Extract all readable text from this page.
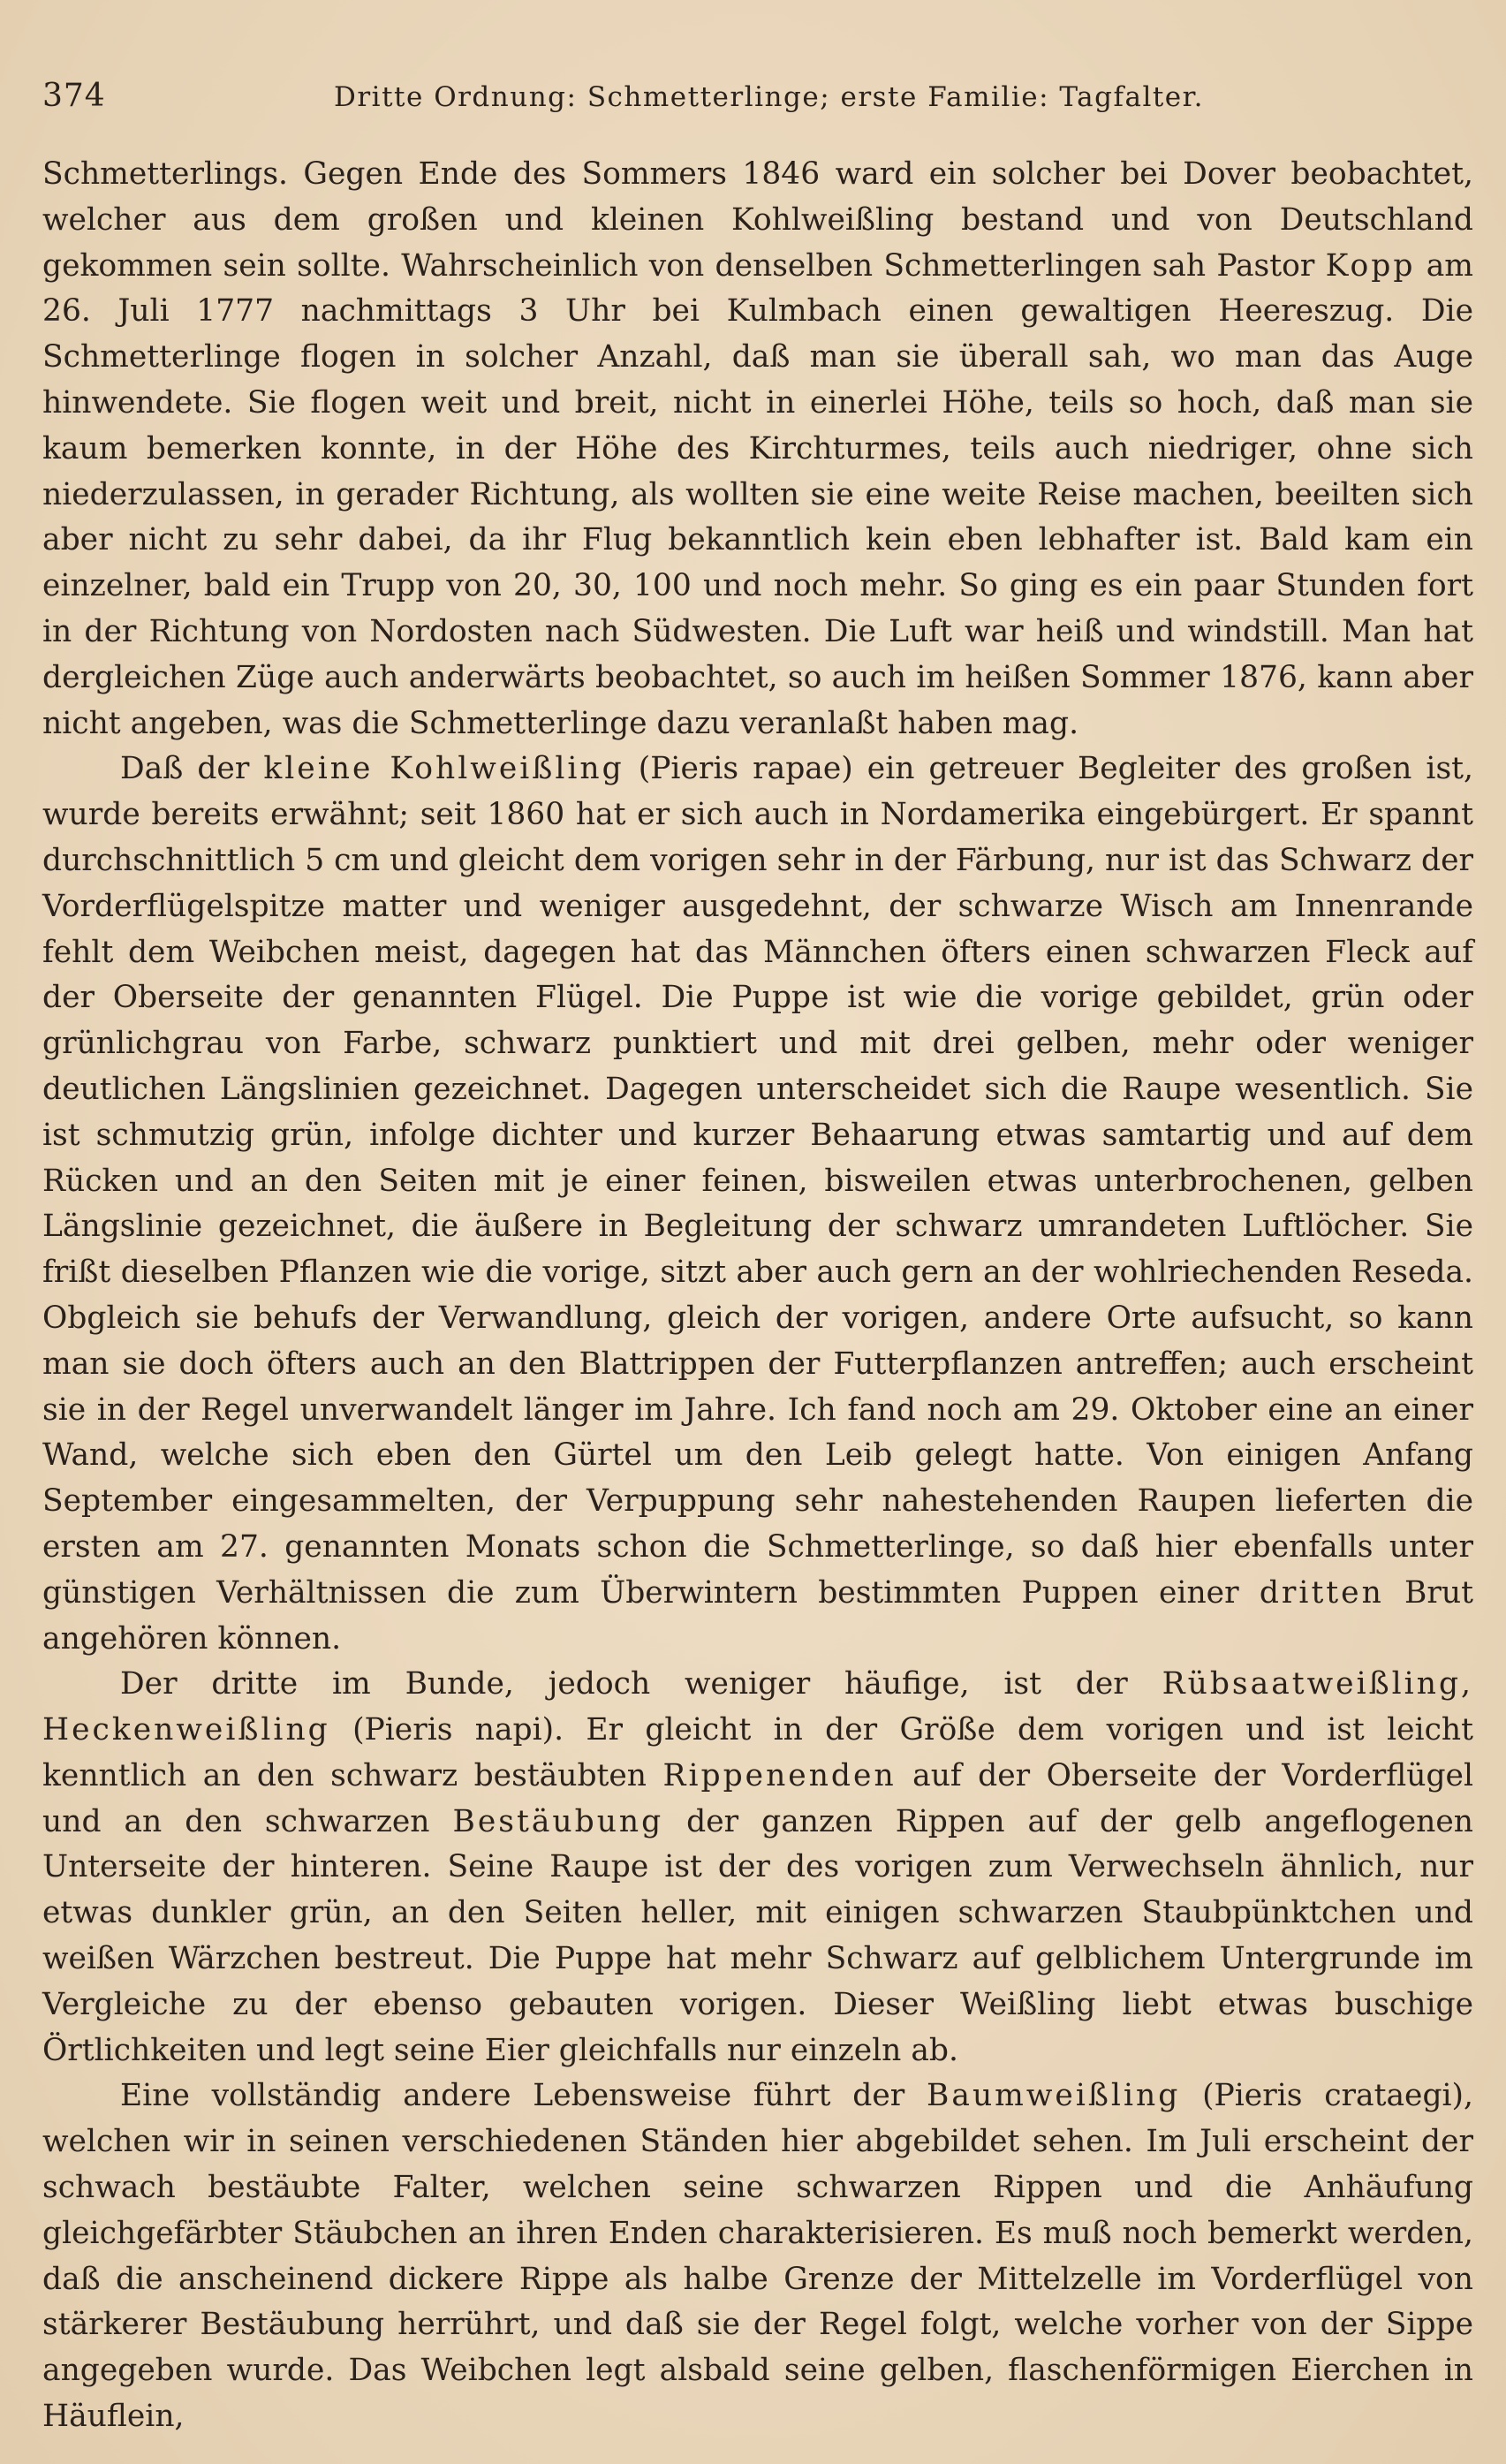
374	Dritte Ordnung: Schmetterlinge; erste Familie: Tagfalter.

Schmetterlings. Gegen Ende des Sommers 1846 ward ein solcher bei Dover beobachtet, welcher aus dem großen und kleinen Kohlweißling bestand und von Deutschland gekommen sein sollte. Wahrscheinlich von denselben Schmetterlingen sah Pastor Kopp am 26. Juli 1777 nachmittags 3 Uhr bei Kulmbach einen gewaltigen Heereszug. Die Schmetterlinge flogen in solcher Anzahl, daß man sie überall sah, wo man das Auge hinwendete. Sie flogen weit und breit, nicht in einerlei Höhe, teils so hoch, daß man sie kaum bemerken konnte, in der Höhe des Kirchturmes, teils auch niedriger, ohne sich niederzulassen, in gerader Richtung, als wollten sie eine weite Reise machen, beeilten sich aber nicht zu sehr dabei, da ihr Flug bekanntlich kein eben lebhafter ist. Bald kam ein einzelner, bald ein Trupp von 20, 30, 100 und noch mehr. So ging es ein paar Stunden fort in der Richtung von Nordosten nach Südwesten. Die Luft war heiß und windstill. Man hat dergleichen Züge auch anderwärts beobachtet, so auch im heißen Sommer 1876, kann aber nicht angeben, was die Schmetterlinge dazu veranlaßt haben mag.

Daß der kleine Kohlweißling (Pieris rapae) ein getreuer Begleiter des großen ist, wurde bereits erwähnt; seit 1860 hat er sich auch in Nordamerika eingebürgert. Er spannt durchschnittlich 5 cm und gleicht dem vorigen sehr in der Färbung, nur ist das Schwarz der Vorderflügelspitze matter und weniger ausgedehnt, der schwarze Wisch am Innenrande fehlt dem Weibchen meist, dagegen hat das Männchen öfters einen schwarzen Fleck auf der Oberseite der genannten Flügel. Die Puppe ist wie die vorige gebildet, grün oder grünlichgrau von Farbe, schwarz punktiert und mit drei gelben, mehr oder weniger deutlichen Längslinien gezeichnet. Dagegen unterscheidet sich die Raupe wesentlich. Sie ist schmutzig grün, infolge dichter und kurzer Behaarung etwas samtartig und auf dem Rücken und an den Seiten mit je einer feinen, bisweilen etwas unterbrochenen, gelben Längslinie gezeichnet, die äußere in Begleitung der schwarz umrandeten Luftlöcher. Sie frißt dieselben Pflanzen wie die vorige, sitzt aber auch gern an der wohlriechenden Reseda. Obgleich sie behufs der Verwandlung, gleich der vorigen, andere Orte aufsucht, so kann man sie doch öfters auch an den Blattrippen der Futterpflanzen antreffen; auch erscheint sie in der Regel unverwandelt länger im Jahre. Ich fand noch am 29. Oktober eine an einer Wand, welche sich eben den Gürtel um den Leib gelegt hatte. Von einigen Anfang September eingesammelten, der Verpuppung sehr nahestehenden Raupen lieferten die ersten am 27. genannten Monats schon die Schmetterlinge, so daß hier ebenfalls unter günstigen Verhältnissen die zum Überwintern bestimmten Puppen einer dritten Brut angehören können.

Der dritte im Bunde, jedoch weniger häufige, ist der Rübsaatweißling, Heckenweißling (Pieris napi). Er gleicht in der Größe dem vorigen und ist leicht kenntlich an den schwarz bestäubten Rippenenden auf der Oberseite der Vorderflügel und an den schwarzen Bestäubung der ganzen Rippen auf der gelb angeflogenen Unterseite der hinteren. Seine Raupe ist der des vorigen zum Verwechseln ähnlich, nur etwas dunkler grün, an den Seiten heller, mit einigen schwarzen Staubpünktchen und weißen Wärzchen bestreut. Die Puppe hat mehr Schwarz auf gelblichem Untergrunde im Vergleiche zu der ebenso gebauten vorigen. Dieser Weißling liebt etwas buschige Örtlichkeiten und legt seine Eier gleichfalls nur einzeln ab.

Eine vollständig andere Lebensweise führt der Baumweißling (Pieris crataegi), welchen wir in seinen verschiedenen Ständen hier abgebildet sehen. Im Juli erscheint der schwach bestäubte Falter, welchen seine schwarzen Rippen und die Anhäufung gleichgefärbter Stäubchen an ihren Enden charakterisieren. Es muß noch bemerkt werden, daß die anscheinend dickere Rippe als halbe Grenze der Mittelzelle im Vorderflügel von stärkerer Bestäubung herrührt, und daß sie der Regel folgt, welche vorher von der Sippe angegeben wurde. Das Weibchen legt alsbald seine gelben, flaschenförmigen Eierchen in Häuflein,
